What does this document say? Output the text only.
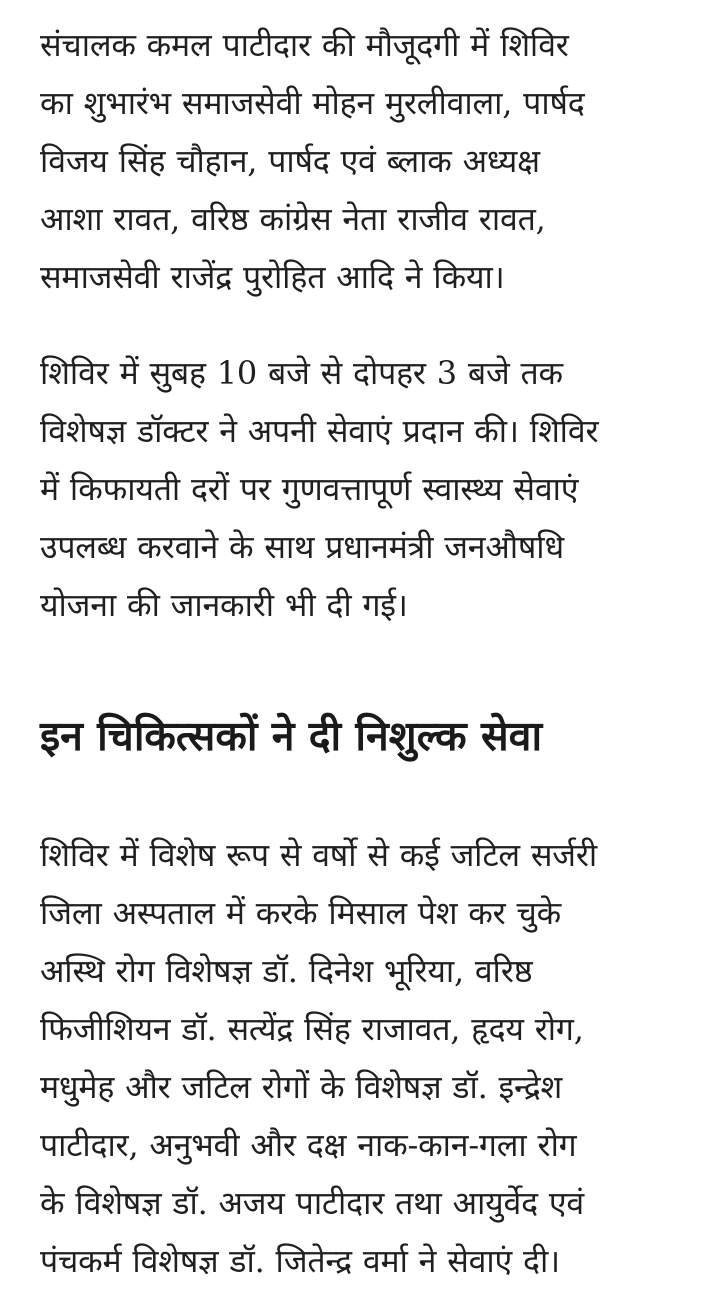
संचालक कमल पाटीदार की मौजूदगी में शिविर
का शुभारंभ समाजसेवी मोहन मुरलीवाला, पार्षद
विजय सिंह चौहान, पार्षद एवं ब्लाक अध्यक्ष
आशा रावत, वरिष्ठ कांग्रेस नेता राजीव रावत,
समाजसेवी राजेंद्र पुरोहित आदि ने किया।

शिविर में सुबह 10 बजे से दोपहर 3 बजे तक
विशेषज्ञ डॉक्टर ने अपनी सेवाएं प्रदान की। शिविर
में किफायती दरों पर गुणवत्तापूर्ण स्वास्थ्य सेवाएं
उपलब्ध करवाने के साथ प्रधानमंत्री जनऔषधि
योजना की जानकारी भी दी गई।

इन चिकित्सकों ने दी निशुल्क सेवा

शिविर में विशेष रूप से वर्षो से कई जटिल सर्जरी
जिला अस्पताल में करके मिसाल पेश कर चुके
अस्थि रोग विशेषज्ञ डॉ. दिनेश भूरिया, वरिष्ठ
फिजीशियन डॉ. सत्येंद्र सिंह राजावत, हृदय रोग,
मधुमेह और जटिल रोगों के विशेषज्ञ डॉ. इन्द्रेश
पाटीदार, अनुभवी और दक्ष नाक-कान-गला रोग
के विशेषज्ञ डॉ. अजय पाटीदार तथा आयुर्वेद एवं
पंचकर्म विशेषज्ञ डॉ. जितेन्द्र वर्मा ने सेवाएं दी।
